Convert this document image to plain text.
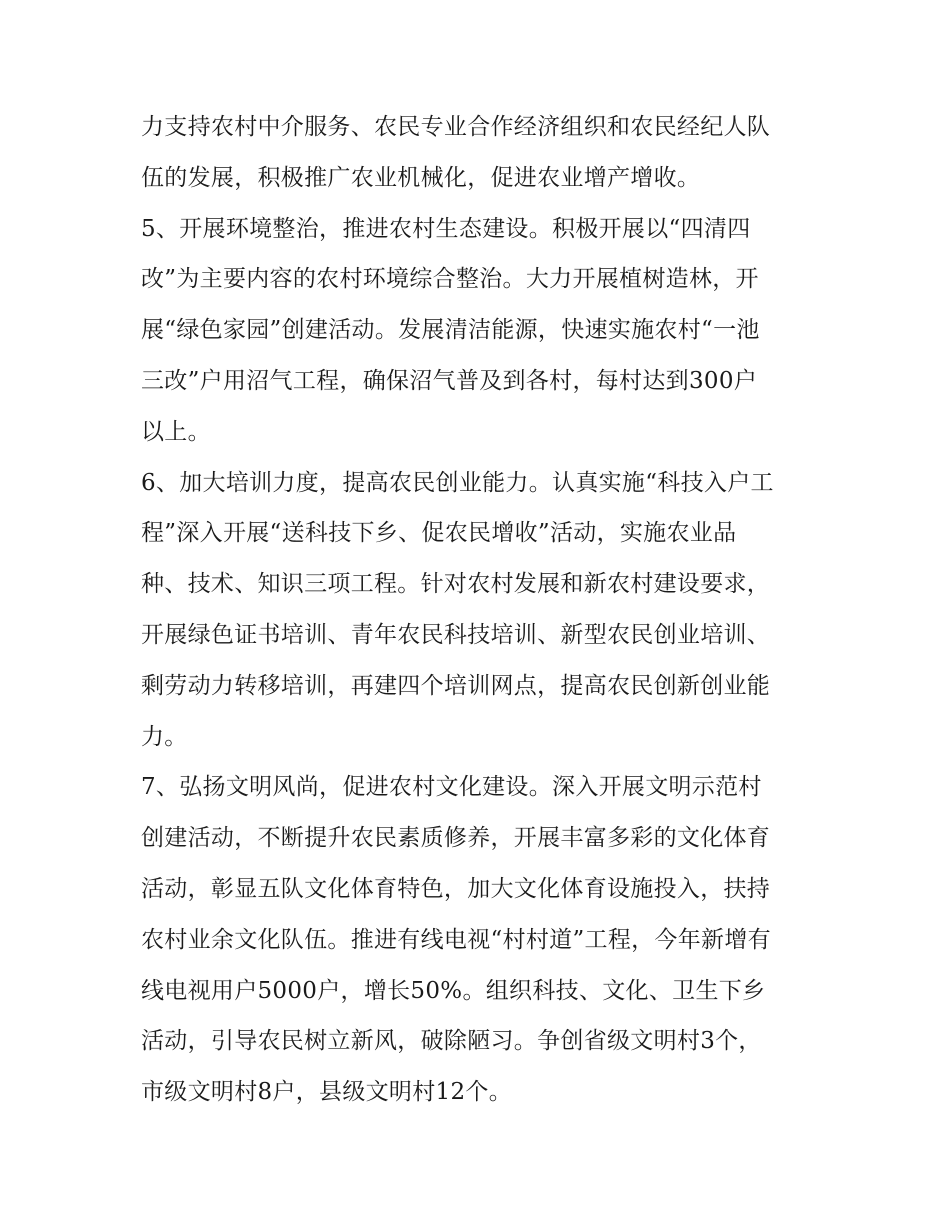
力支持农村中介服务、农民专业合作经济组织和农民经纪人队
伍的发展，积极推广农业机械化，促进农业增产增收。
5、开展环境整治，推进农村生态建设。积极开展以“四清四
改”为主要内容的农村环境综合整治。大力开展植树造林，开
展“绿色家园”创建活动。发展清洁能源，快速实施农村“一池
三改”户用沼气工程，确保沼气普及到各村，每村达到300户
以上。
6、加大培训力度，提高农民创业能力。认真实施“科技入户工
程”深入开展“送科技下乡、促农民增收”活动，实施农业品
种、技术、知识三项工程。针对农村发展和新农村建设要求，
开展绿色证书培训、青年农民科技培训、新型农民创业培训、
剩劳动力转移培训，再建四个培训网点，提高农民创新创业能
力。
7、弘扬文明风尚，促进农村文化建设。深入开展文明示范村
创建活动，不断提升农民素质修养，开展丰富多彩的文化体育
活动，彰显五队文化体育特色，加大文化体育设施投入，扶持
农村业余文化队伍。推进有线电视“村村道”工程，今年新增有
线电视用户5000户，增长50%。组织科技、文化、卫生下乡
活动，引导农民树立新风，破除陋习。争创省级文明村3个，
市级文明村8户，县级文明村12个。
